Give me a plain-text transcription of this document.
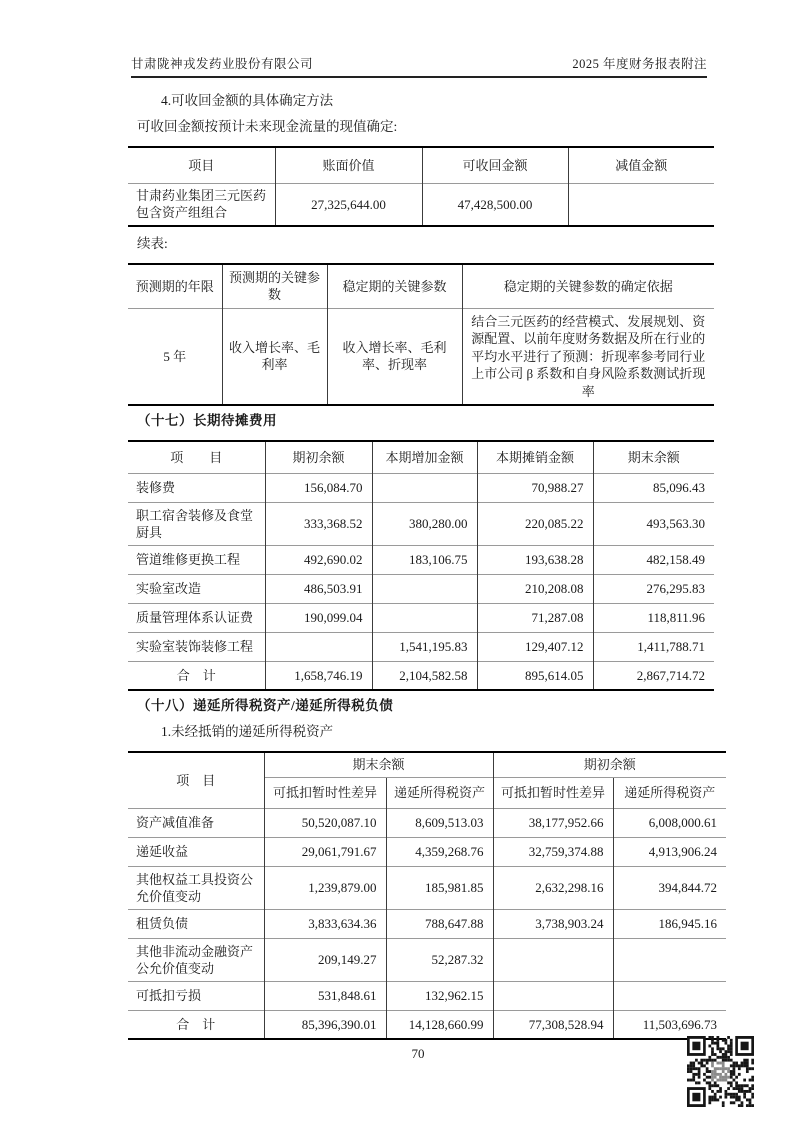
甘肃陇神戎发药业股份有限公司	2025 年度财务报表附注

4.可收回金额的具体确定方法

可收回金额按预计未来现金流量的现值确定:

项目	账面价值	可收回金额	减值金额
甘肃药业集团三元医药包含资产组组合	27,325,644.00	47,428,500.00	

续表:

预测期的年限	预测期的关键参数	稳定期的关键参数	稳定期的关键参数的确定依据
5 年	收入增长率、毛利率	收入增长率、毛利率、折现率	结合三元医药的经营模式、发展规划、资源配置、以前年度财务数据及所在行业的平均水平进行了预测：折现率参考同行业上市公司 β 系数和自身风险系数测试折现率

（十七）长期待摊费用

项　　目	期初余额	本期增加金额	本期摊销金额	期末余额
装修费	156,084.70		70,988.27	85,096.43
职工宿舍装修及食堂厨具	333,368.52	380,280.00	220,085.22	493,563.30
管道维修更换工程	492,690.02	183,106.75	193,638.28	482,158.49
实验室改造	486,503.91		210,208.08	276,295.83
质量管理体系认证费	190,099.04		71,287.08	118,811.96
实验室装饰装修工程		1,541,195.83	129,407.12	1,411,788.71
合　计	1,658,746.19	2,104,582.58	895,614.05	2,867,714.72

（十八）递延所得税资产/递延所得税负债

1.未经抵销的递延所得税资产

项　目	期末余额		期初余额	
	可抵扣暂时性差异	递延所得税资产	可抵扣暂时性差异	递延所得税资产
资产减值准备	50,520,087.10	8,609,513.03	38,177,952.66	6,008,000.61
递延收益	29,061,791.67	4,359,268.76	32,759,374.88	4,913,906.24
其他权益工具投资公允价值变动	1,239,879.00	185,981.85	2,632,298.16	394,844.72
租赁负债	3,833,634.36	788,647.88	3,738,903.24	186,945.16
其他非流动金融资产公允价值变动	209,149.27	52,287.32		
可抵扣亏损	531,848.61	132,962.15		
合　计	85,396,390.01	14,128,660.99	77,308,528.94	11,503,696.73
70
